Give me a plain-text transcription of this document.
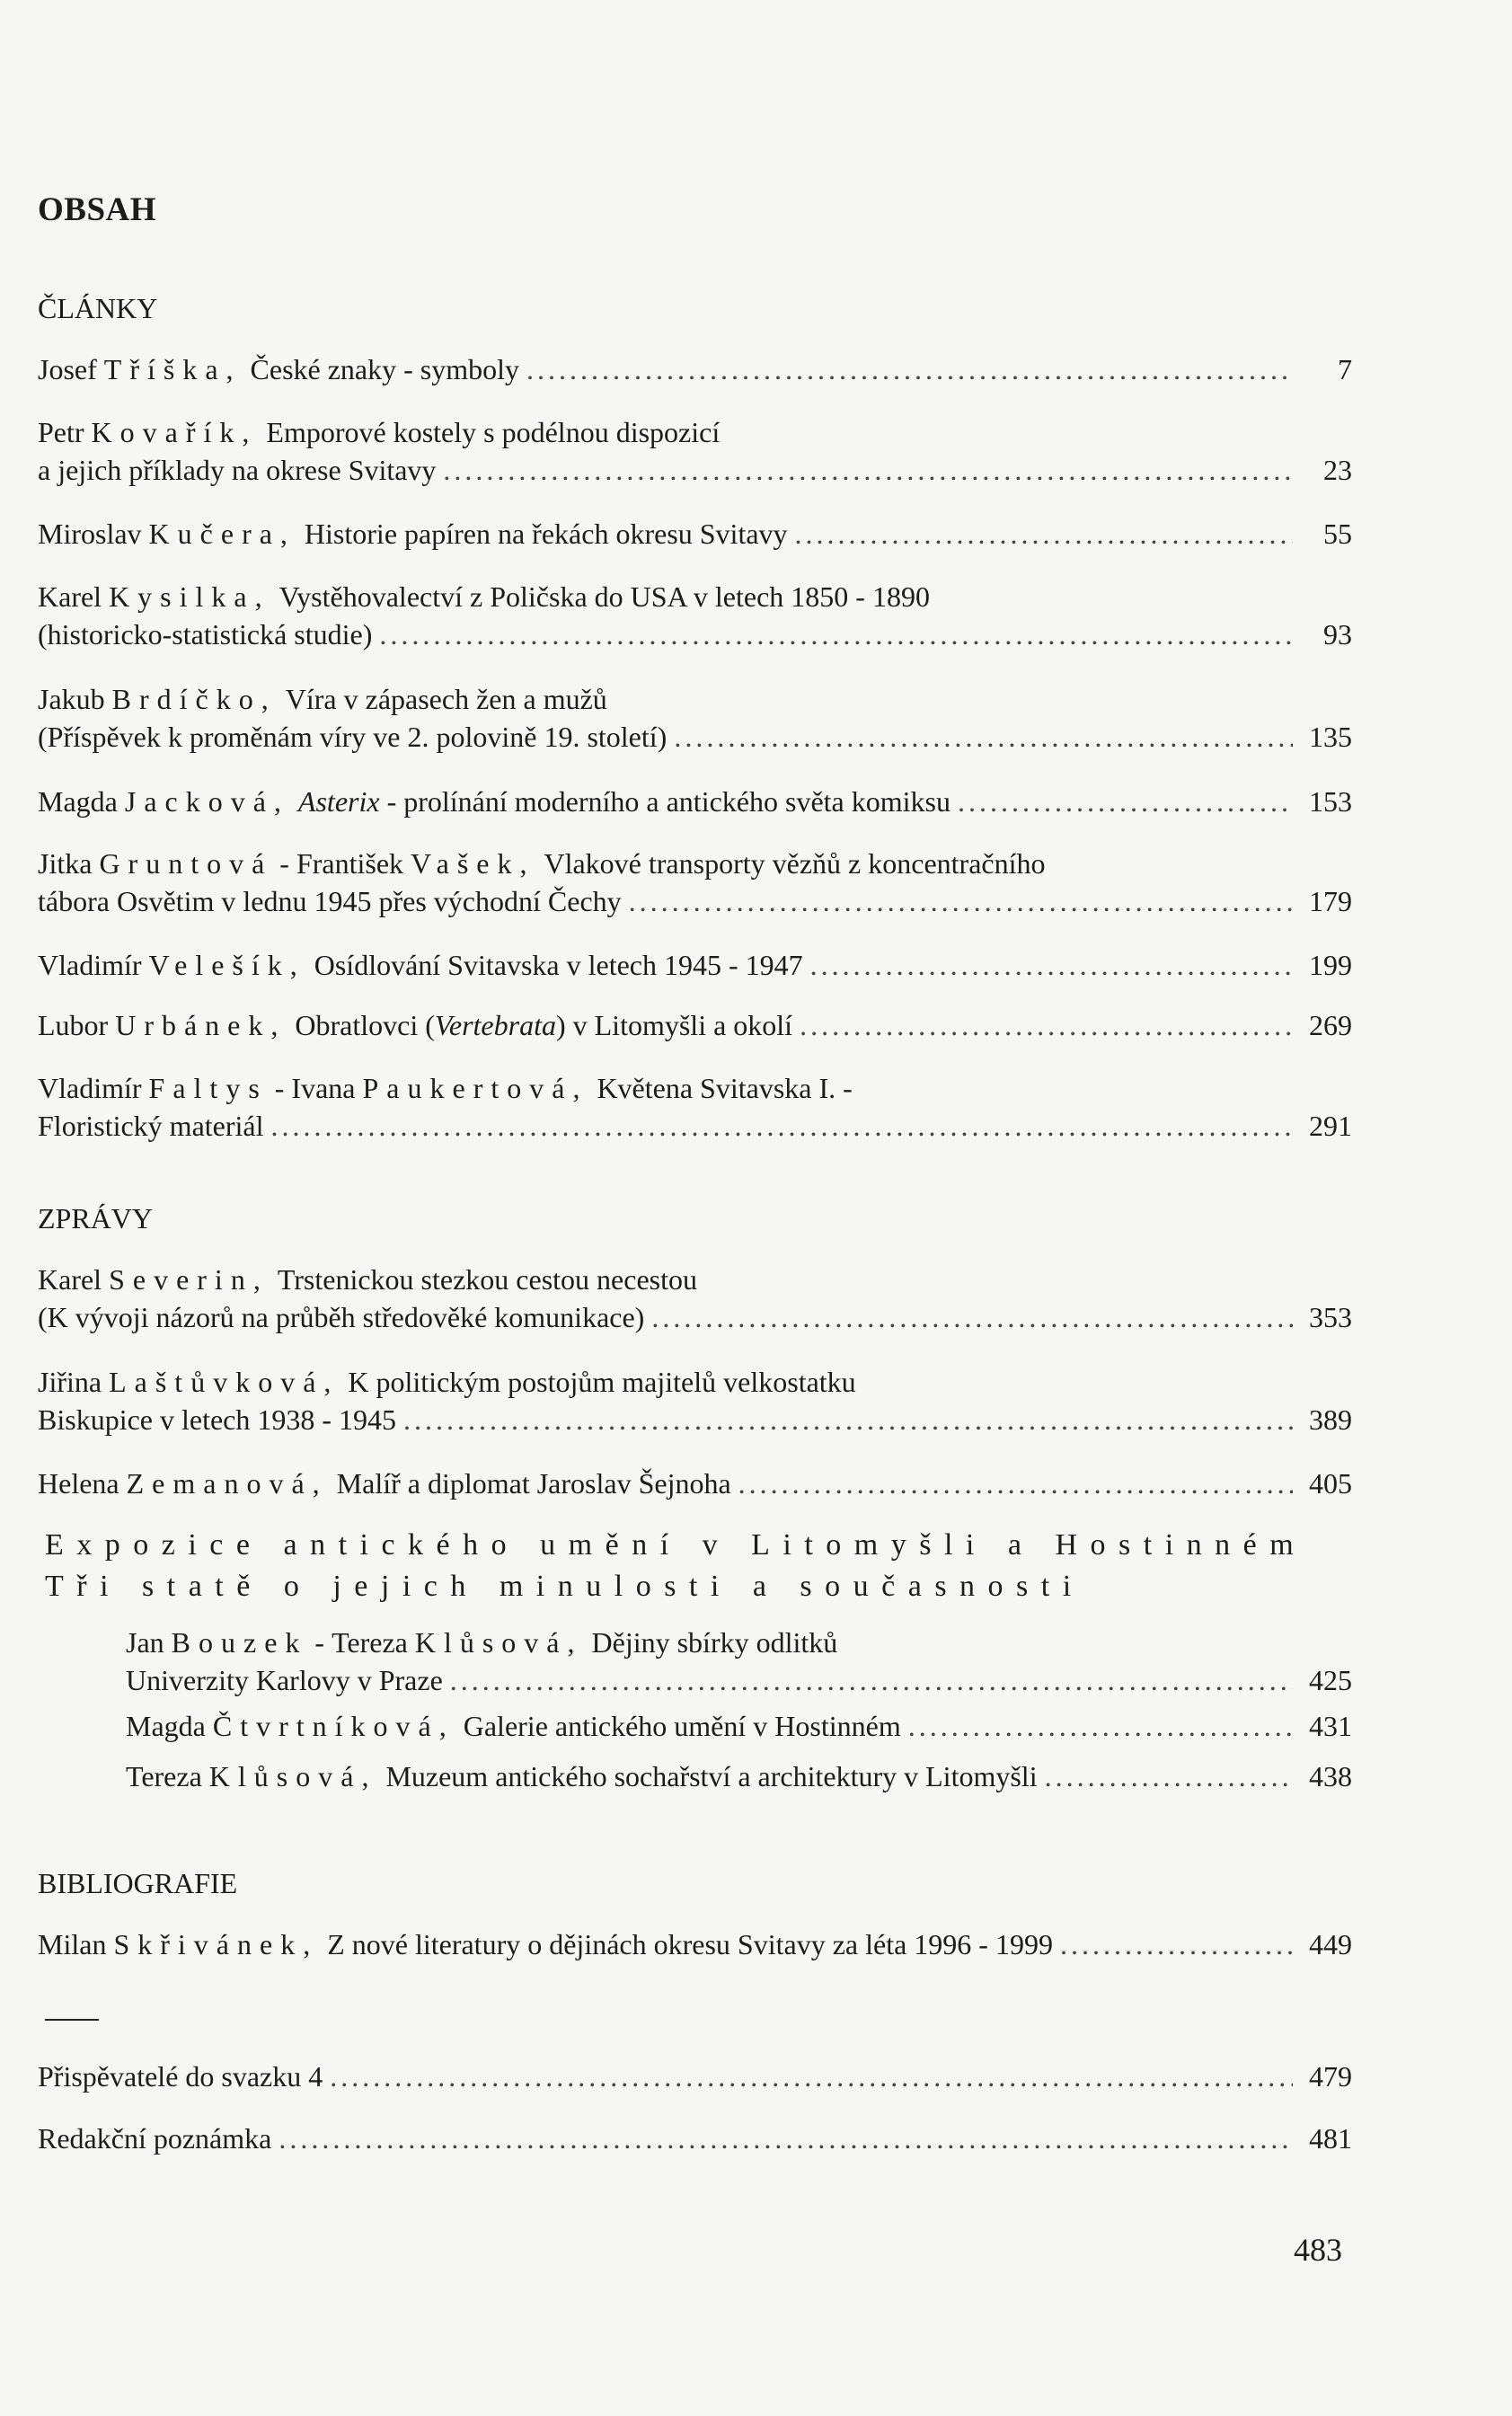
OBSAH
ČLÁNKY
Josef
Tříška, České znaky - symboly .....	7
Petr
Kovařík, Emporové kostely s podélnou dispozicí
a jejich příklady na okrese Svitavy .....	23
Miroslav
Kučera, Historie papíren na řekách okresu Svitavy .....	55
Karel
Kysilka, Vystěhovalectví z Poličska do USA v letech 1850 - 1890
(historicko-statistická studie) .....	93
Jakub
Brdíčko, Víra v zápasech žen a mužů
(Příspěvek k proměnám víry ve 2. polovině 19. století) .....	135
Magda
Jacková, Asterix
- prolínání moderního a antického světa komiksu .....	153
Jitka
Gruntová
-
František
Vašek, Vlakové transporty vězňů z koncentračního
tábora Osvětim v lednu 1945 přes východní Čechy .....	179
Vladimír
Velešík, Osídlování Svitavska v letech 1945 - 1947 .....	199
Lubor
Urbánek, Obratlovci ( Vertebrata ) v Litomyšli a okolí .....	269
Vladimír
Faltys
-
Ivana
Paukertová, Květena Svitavska I. -
Floristický materiál .....	291
ZPRÁVY
Karel
Severin, Trstenickou stezkou cestou necestou
(K vývoji názorů na průběh středověké komunikace) .....	353
Jiřina
Laštůvková, K politickým postojům majitelů velkostatku
Biskupice v letech 1938 - 1945 .....	389
Helena
Zemanová, Malíř a diplomat Jaroslav Šejnoha .....	405
Expozice antického umění v Litomyšli a Hostinném
Tři statě o jejich minulosti a současnosti
Jan
Bouzek
-
Tereza
Klůsová, Dějiny sbírky odlitků
Univerzity Karlovy v Praze .....	425
Magda
Čtvrtníková, Galerie antického umění v Hostinném .....	431
Tereza
Klůsová, Muzeum antického sochařství a architektury v Litomyšli .....	438
BIBLIOGRAFIE
Milan
Skřivánek, Z nové literatury o dějinách okresu Svitavy za léta 1996 - 1999 .....	449
Přispěvatelé do svazku 4 .....	479
Redakční poznámka .....	481
483
